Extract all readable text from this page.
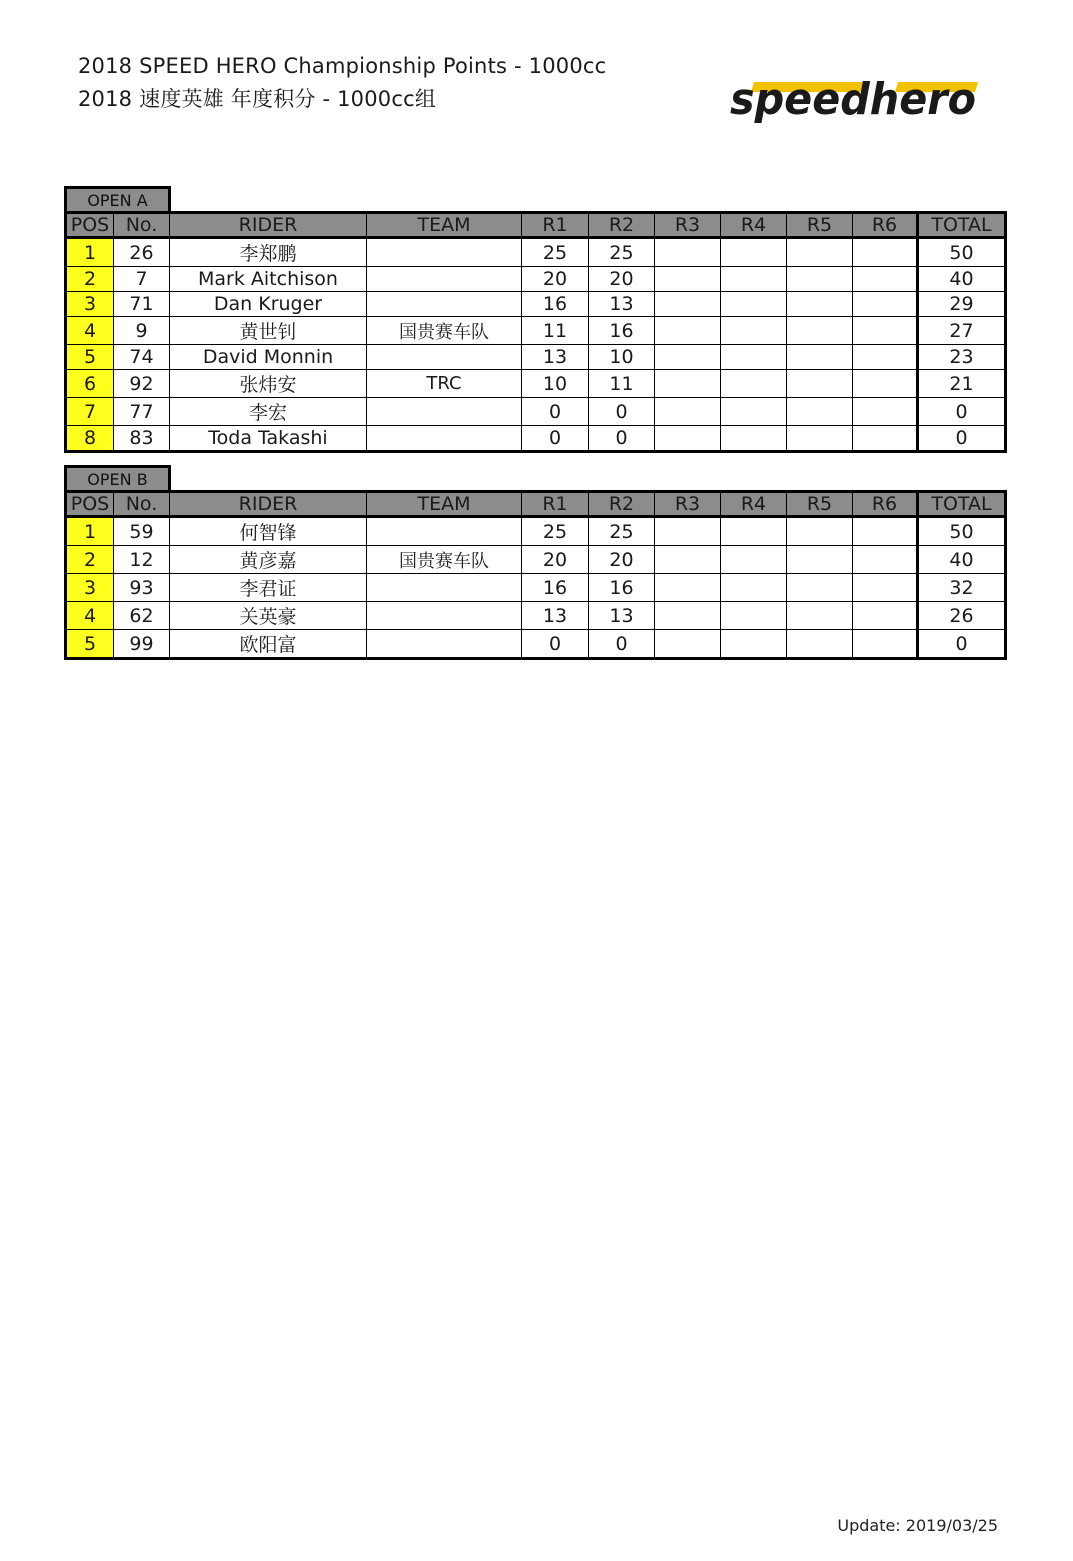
2018 SPEED HERO Championship Points - 1000cc
2018 速度英雄 年度积分 - 1000cc组	speedhero
OPEN A
POS	No.	RIDER	TEAM	R1	R2	R3	R4	R5	R6	TOTAL
1	26	李郑鹏		25	25					50
2	7	Mark Aitchison		20	20					40
3	71	Dan Kruger		16	13					29
4	9	黄世钊	国贵赛车队	11	16					27
5	74	David Monnin		13	10					23
6	92	张炜安	TRC	10	11					21
7	77	李宏		0	0					0
8	83	Toda Takashi		0	0					0
OPEN B
POS	No.	RIDER	TEAM	R1	R2	R3	R4	R5	R6	TOTAL
1	59	何智锋		25	25					50
2	12	黄彦嘉	国贵赛车队	20	20					40
3	93	李君证		16	16					32
4	62	关英豪		13	13					26
5	99	欧阳富		0	0					0
Update: 2019/03/25
